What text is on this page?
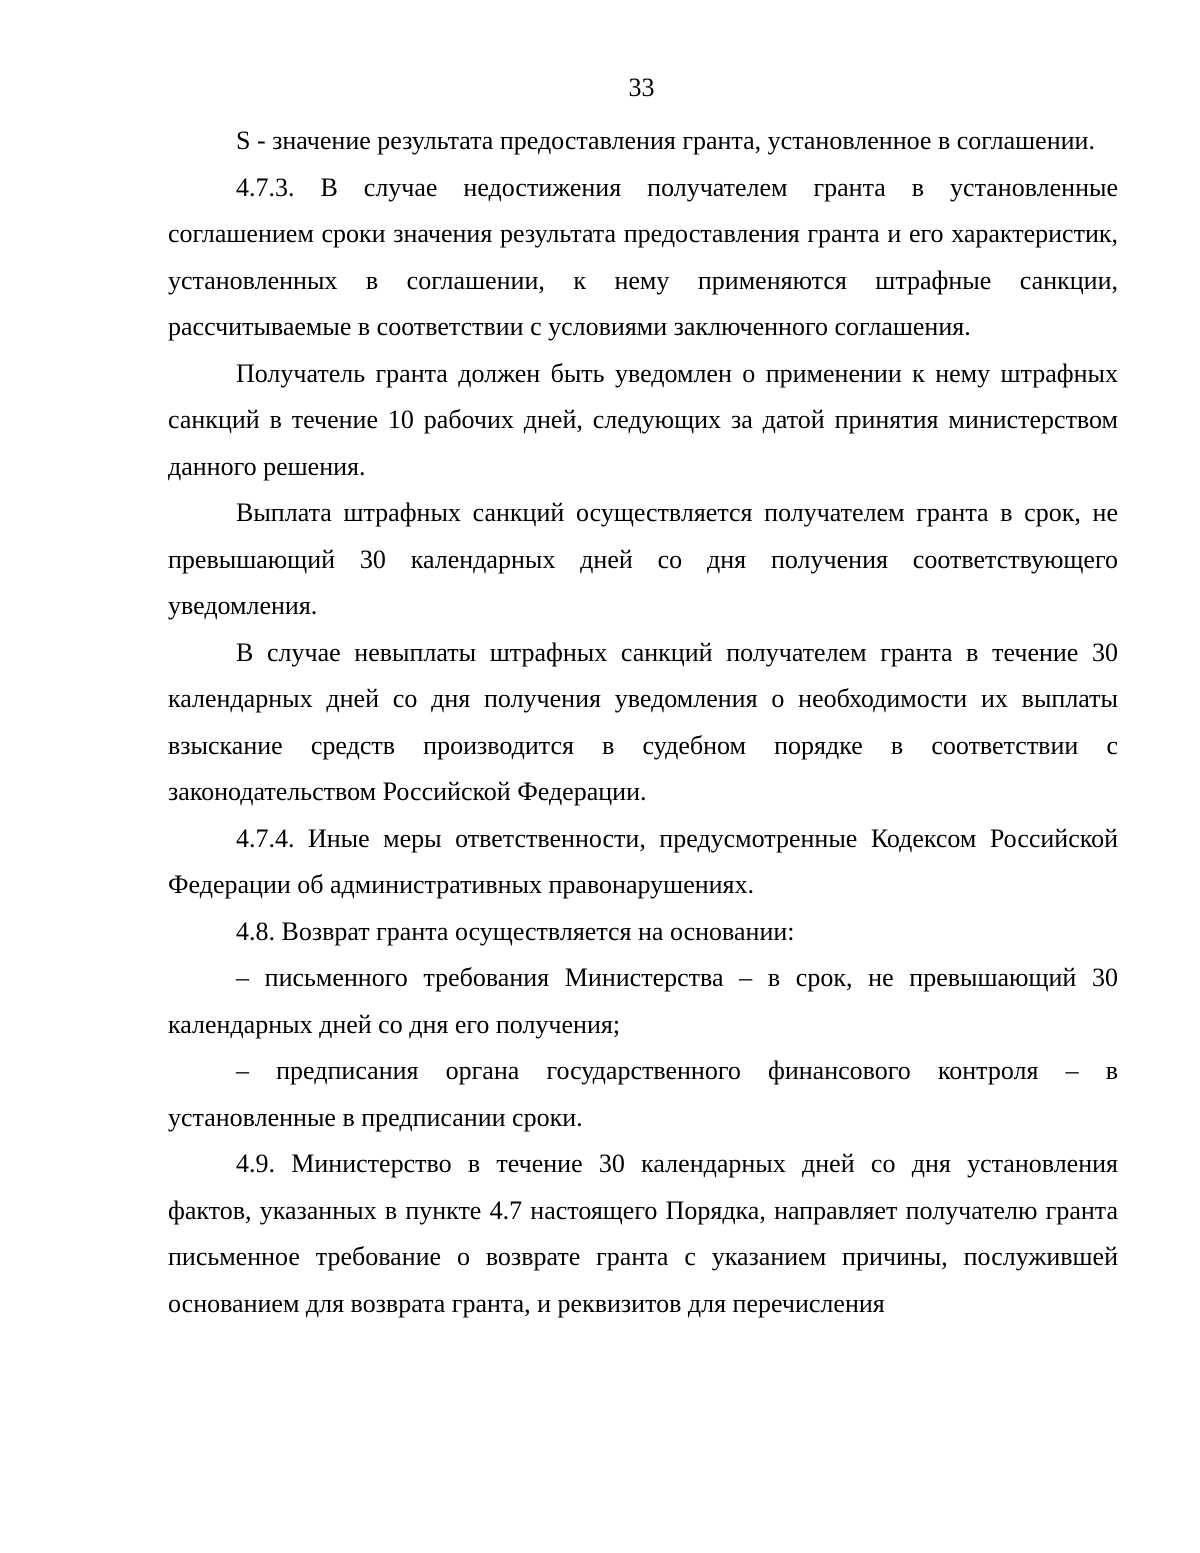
33

S - значение результата предоставления гранта, установленное в соглашении.

4.7.3. В случае недостижения получателем гранта в установленные соглашением сроки значения результата предоставления гранта и его характеристик, установленных в соглашении, к нему применяются штрафные санкции, рассчитываемые в соответствии с условиями заключенного соглашения.

Получатель гранта должен быть уведомлен о применении к нему штрафных санкций в течение 10 рабочих дней, следующих за датой принятия министерством данного решения.

Выплата штрафных санкций осуществляется получателем гранта в срок, не превышающий 30 календарных дней со дня получения соответствующего уведомления.

В случае невыплаты штрафных санкций получателем гранта в течение 30 календарных дней со дня получения уведомления о необходимости их выплаты взыскание средств производится в судебном порядке в соответствии с законодательством Российской Федерации.

4.7.4. Иные меры ответственности, предусмотренные Кодексом Российской Федерации об административных правонарушениях.

4.8. Возврат гранта осуществляется на основании:

– письменного требования Министерства – в срок, не превышающий 30 календарных дней со дня его получения;

– предписания органа государственного финансового контроля – в установленные в предписании сроки.

4.9. Министерство в течение 30 календарных дней со дня установления фактов, указанных в пункте 4.7 настоящего Порядка, направляет получателю гранта письменное требование о возврате гранта с указанием причины, послужившей основанием для возврата гранта, и реквизитов для перечисления
